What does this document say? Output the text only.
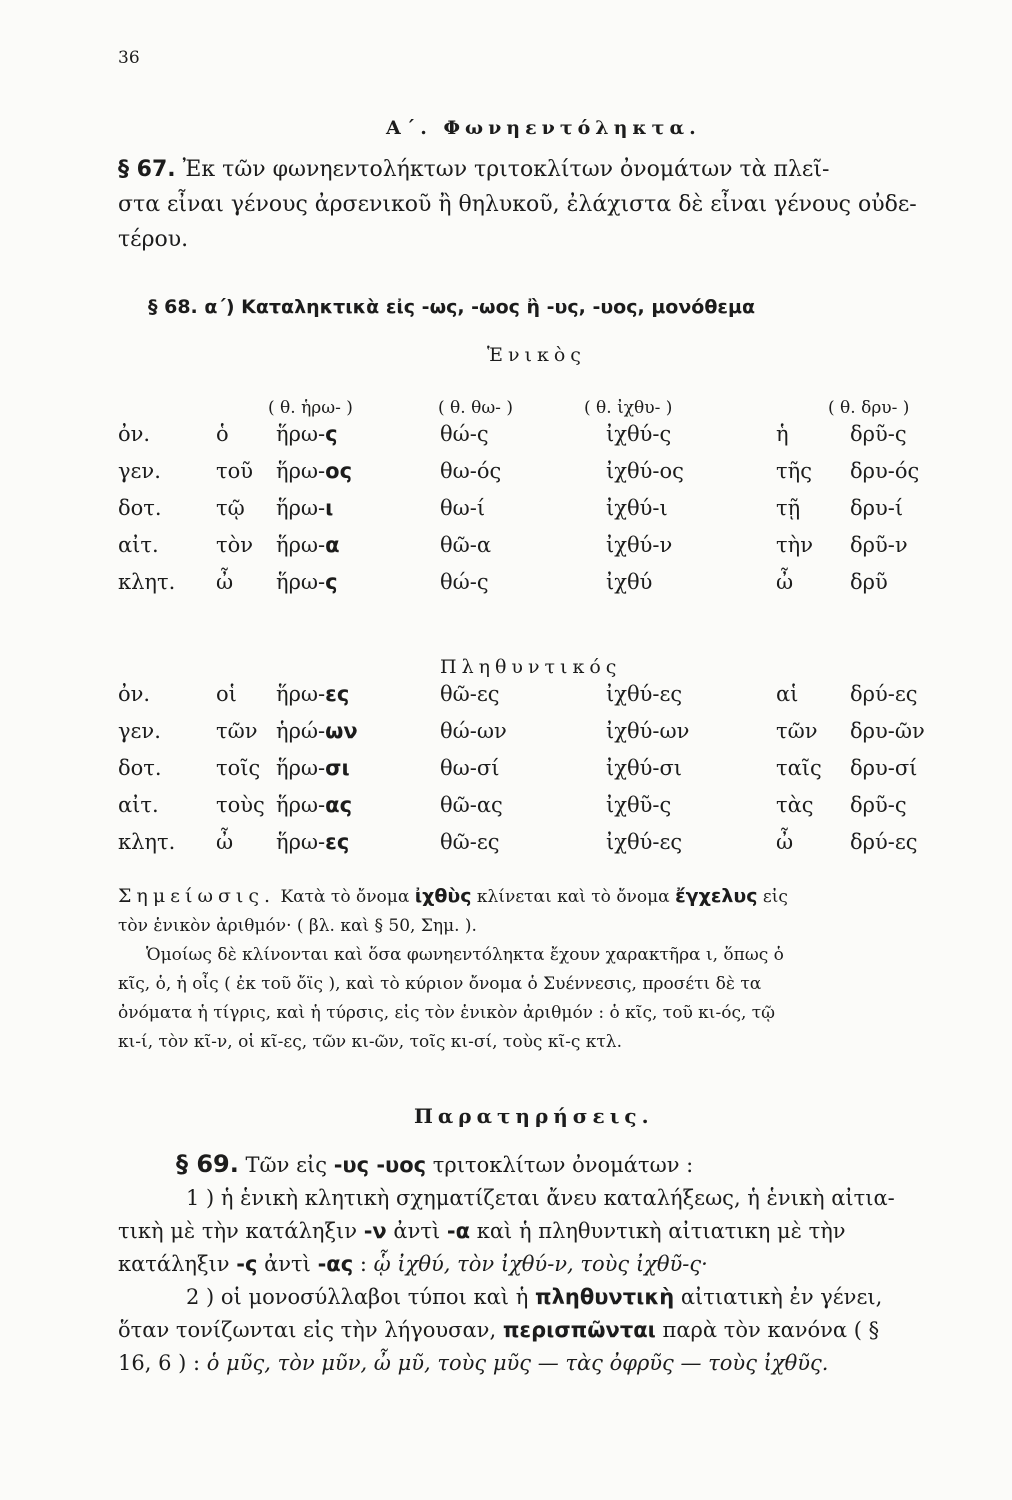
36
Α΄. Φωνηεντόληκτα.
§ 67. Ἐκ τῶν φωνηεντολήκτων τριτοκλίτων ὀνομάτων τὰ πλεῖ-
στα εἶναι γένους ἀρσενικοῦ ἢ θηλυκοῦ, ἐλάχιστα δὲ εἶναι γένους οὐδε-
τέρου.
§ 68. α΄) Καταληκτικὰ εἰς -ως, -ωος ἢ -υς, -υος, μονόθεμα
Ἑνικὸς
( θ. ἡρω- )	( θ. θω- )	( θ. ἰχθυ- )	( θ. δρυ- )
ὀν.	ὁ ἥρω-ς	θώ-ς	ἰχθύ-ς	ἡ	δρῦ-ς
γεν.	τοῦ ἥρω-ος	θω-ός	ἰχθύ-ος	τῆς δρυ-ός
δοτ.	τῷ ἥρω-ι	θω-ί	ἰχθύ-ι	τῇ δρυ-ί
αἰτ.	τὸν ἥρω-α	θῶ-α	ἰχθύ-ν	τὴν δρῦ-ν
κλητ. ὦ ἥρω-ς	θώ-ς	ἰχθύ	ὦ	δρῦ
Πληθυντικός
ὀν.	οἱ ἥρω-ες	θῶ-ες	ἰχθύ-ες	αἱ δρύ-ες
γεν.	τῶν ἡρώ-ων	θώ-ων	ἰχθύ-ων	τῶν δρυ-ῶν
δοτ.	τοῖς ἥρω-σι	θω-σί	ἰχθύ-σι	ταῖς δρυ-σί
αἰτ.	τοὺς ἥρω-ας	θῶ-ας	ἰχθῦ-ς	τὰς δρῦ-ς
κλητ. ὦ ἥρω-ες	θῶ-ες	ἰχθύ-ες	ὦ	δρύ-ες
Σημείωσις. Κατὰ τὸ ὄνομα ἰχθὺς κλίνεται καὶ τὸ ὄνομα ἔγχελυς εἰς
τὸν ἑνικὸν ἀριθμόν· ( βλ. καὶ § 50, Σημ. ).
Ὁμοίως δὲ κλίνονται καὶ ὅσα φωνηεντόληκτα ἔχουν χαρακτῆρα ι, ὅπως ὁ
κῖς, ὁ, ἡ οἶς ( ἐκ τοῦ ὄϊς ), καὶ τὸ κύριον ὄνομα ὁ Συέννεσις, προσέτι δὲ τα
ὀνόματα ἡ τίγρις, καὶ ἡ τύρσις, εἰς τὸν ἑνικὸν ἀριθμόν : ὁ κῖς, τοῦ κι-ός, τῷ
κι-ί, τὸν κῖ-ν, οἱ κῖ-ες, τῶν κι-ῶν, τοῖς κι-σί, τοὺς κῖ-ς κτλ.
Παρατηρήσεις.
§ 69. Τῶν εἰς -υς -υος τριτοκλίτων ὀνομάτων :
1 ) ἡ ἑνικὴ κλητικὴ σχηματίζεται ἄνευ καταλήξεως, ἡ ἑνικὴ αἰτια-
τικὴ μὲ τὴν κατάληξιν -ν ἀντὶ -α καὶ ἡ πληθυντικὴ αἰτιατικη μὲ τὴν
κατάληξιν -ς ἀντὶ -ας : ᾧ ἰχθύ, τὸν ἰχθύ-ν, τοὺς ἰχθῦ-ς·
2 ) οἱ μονοσύλλαβοι τύποι καὶ ἡ πληθυντικὴ αἰτιατικὴ ἐν γένει,
ὅταν τονίζωνται εἰς τὴν λήγουσαν, περισπῶνται παρὰ τὸν κανόνα ( §
16, 6 ) : ὁ μῦς, τὸν μῦν, ὦ μῦ, τοὺς μῦς — τὰς ὀφρῦς — τοὺς ἰχθῦς.
